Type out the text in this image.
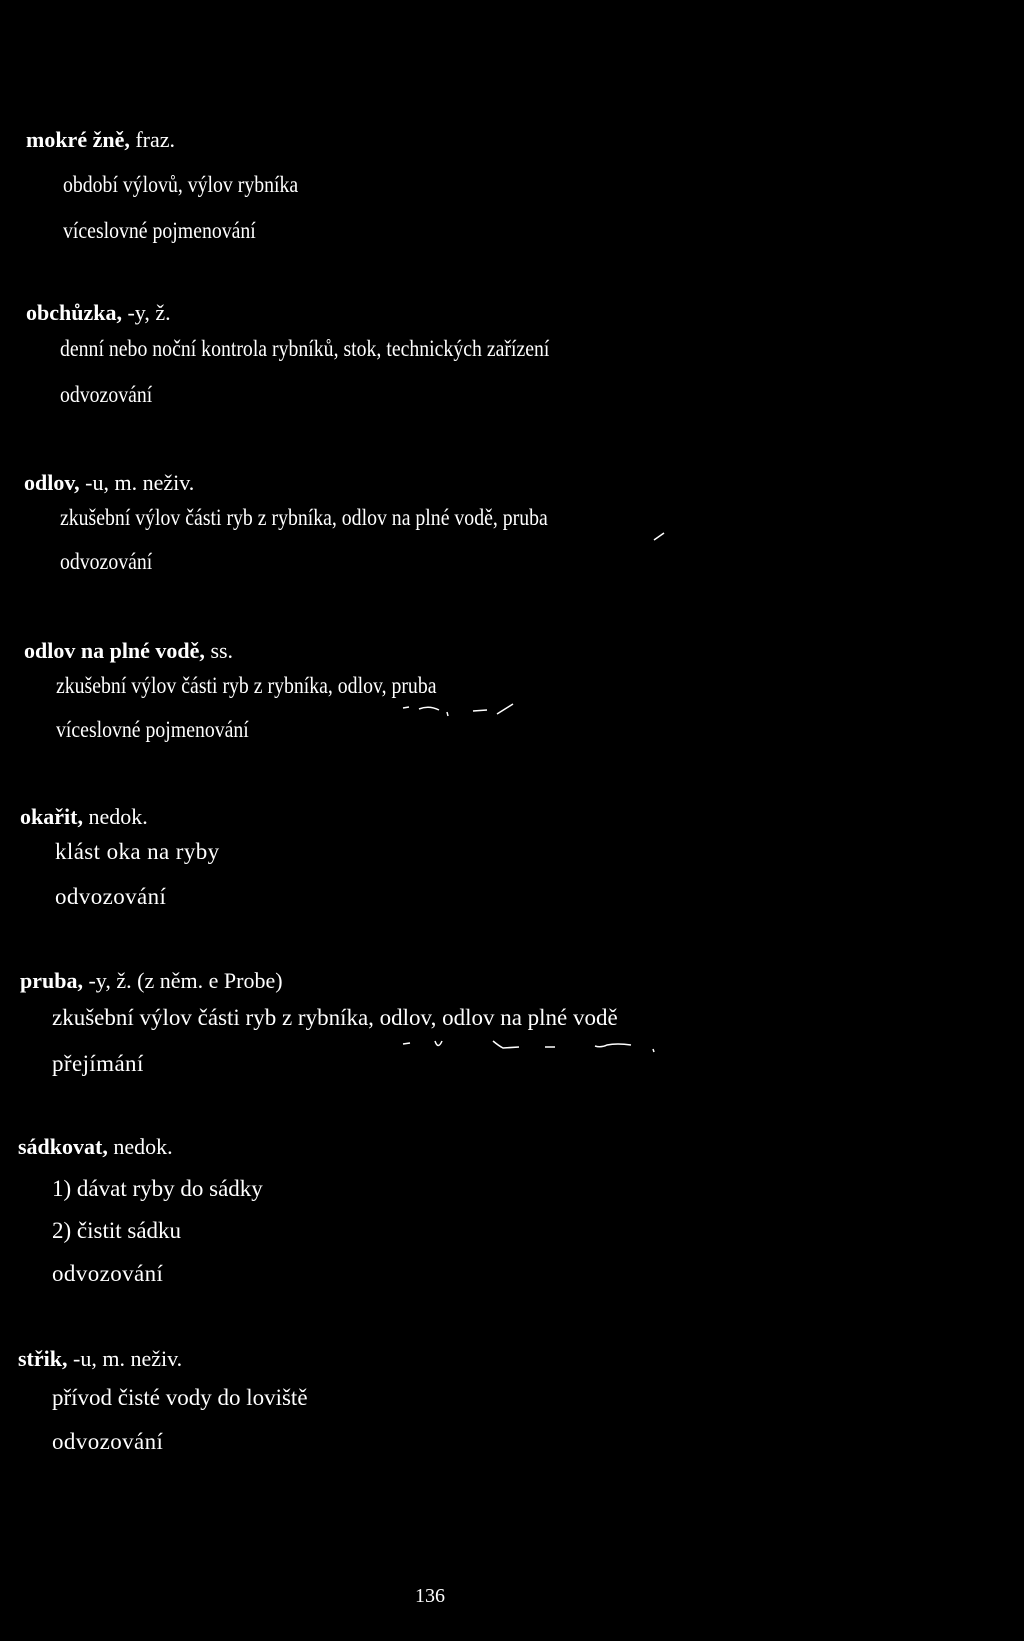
mokré žně, fraz.
období výlovů, výlov rybníka
víceslovné pojmenování
obchůzka, -y, ž.
denní nebo noční kontrola rybníků, stok, technických zařízení
odvozování
odlov, -u, m. neživ.
zkušební výlov části ryb z rybníka, odlov na plné vodě, pruba
odvozování
odlov na plné vodě, ss.
zkušební výlov části ryb z rybníka, odlov, pruba
víceslovné pojmenování
okařit, nedok.
klást oka na ryby
odvozování
pruba, -y, ž. (z něm. e Probe)
zkušební výlov části ryb z rybníka, odlov, odlov na plné vodě
přejímání
sádkovat, nedok.
1) dávat ryby do sádky
2) čistit sádku
odvozování
střik, -u, m. neživ.
přívod čisté vody do loviště
odvozování
136
